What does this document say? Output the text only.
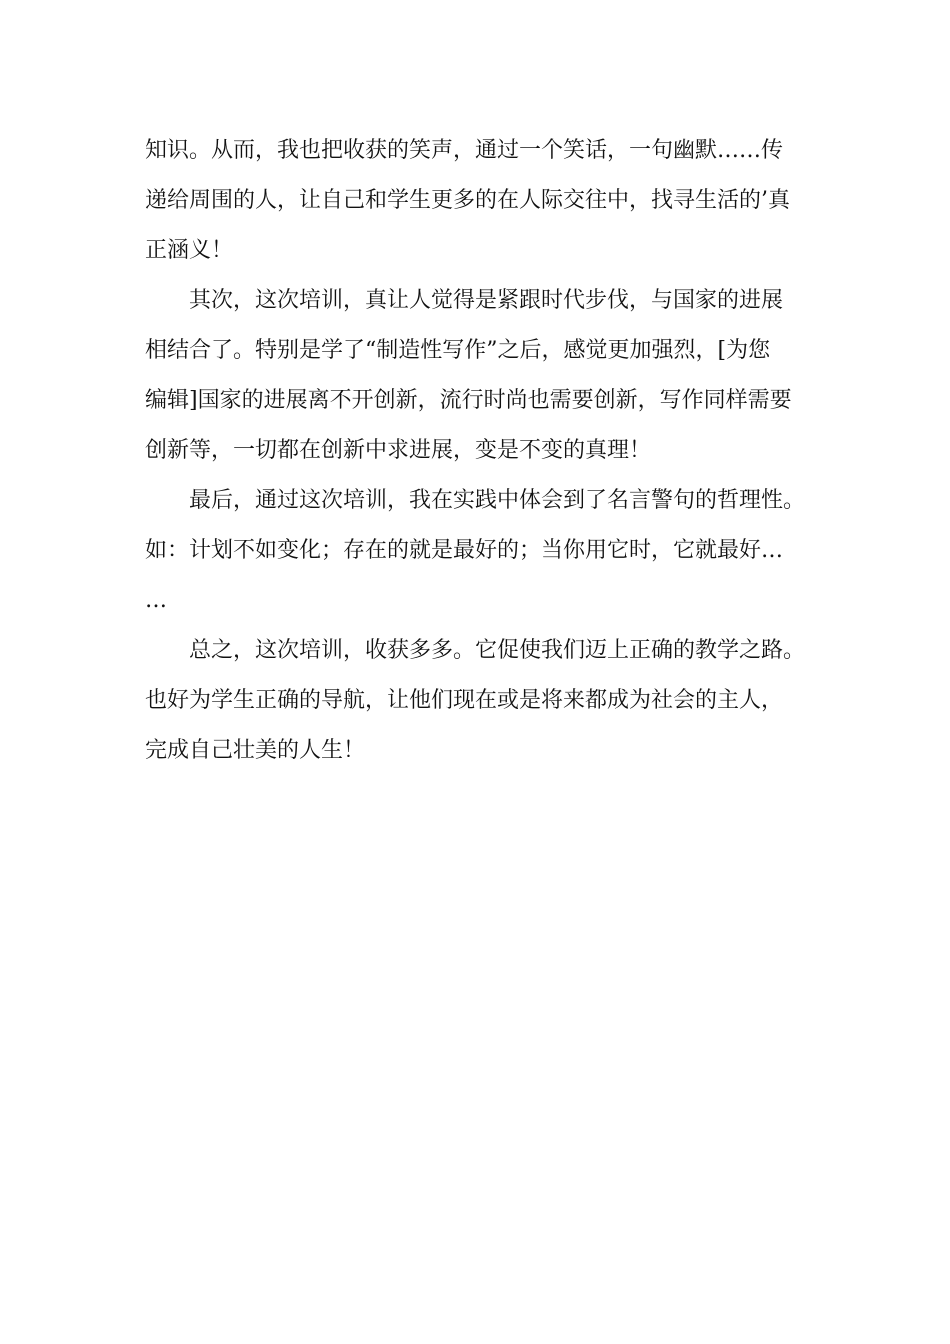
知识。从而，我也把收获的笑声，通过一个笑话，一句幽默……传
递给周围的人，让自己和学生更多的在人际交往中，找寻生活的’真
正涵义！
其次，这次培训，真让人觉得是紧跟时代步伐，与国家的进展
相结合了。特别是学了“制造性写作”之后，感觉更加强烈，[为您
编辑]国家的进展离不开创新，流行时尚也需要创新，写作同样需要
创新等，一切都在创新中求进展，变是不变的真理！
最后，通过这次培训，我在实践中体会到了名言警句的哲理性。
如：计划不如变化；存在的就是最好的；当你用它时，它就最好…
…
总之，这次培训，收获多多。它促使我们迈上正确的教学之路。
也好为学生正确的导航，让他们现在或是将来都成为社会的主人，
完成自己壮美的人生！
